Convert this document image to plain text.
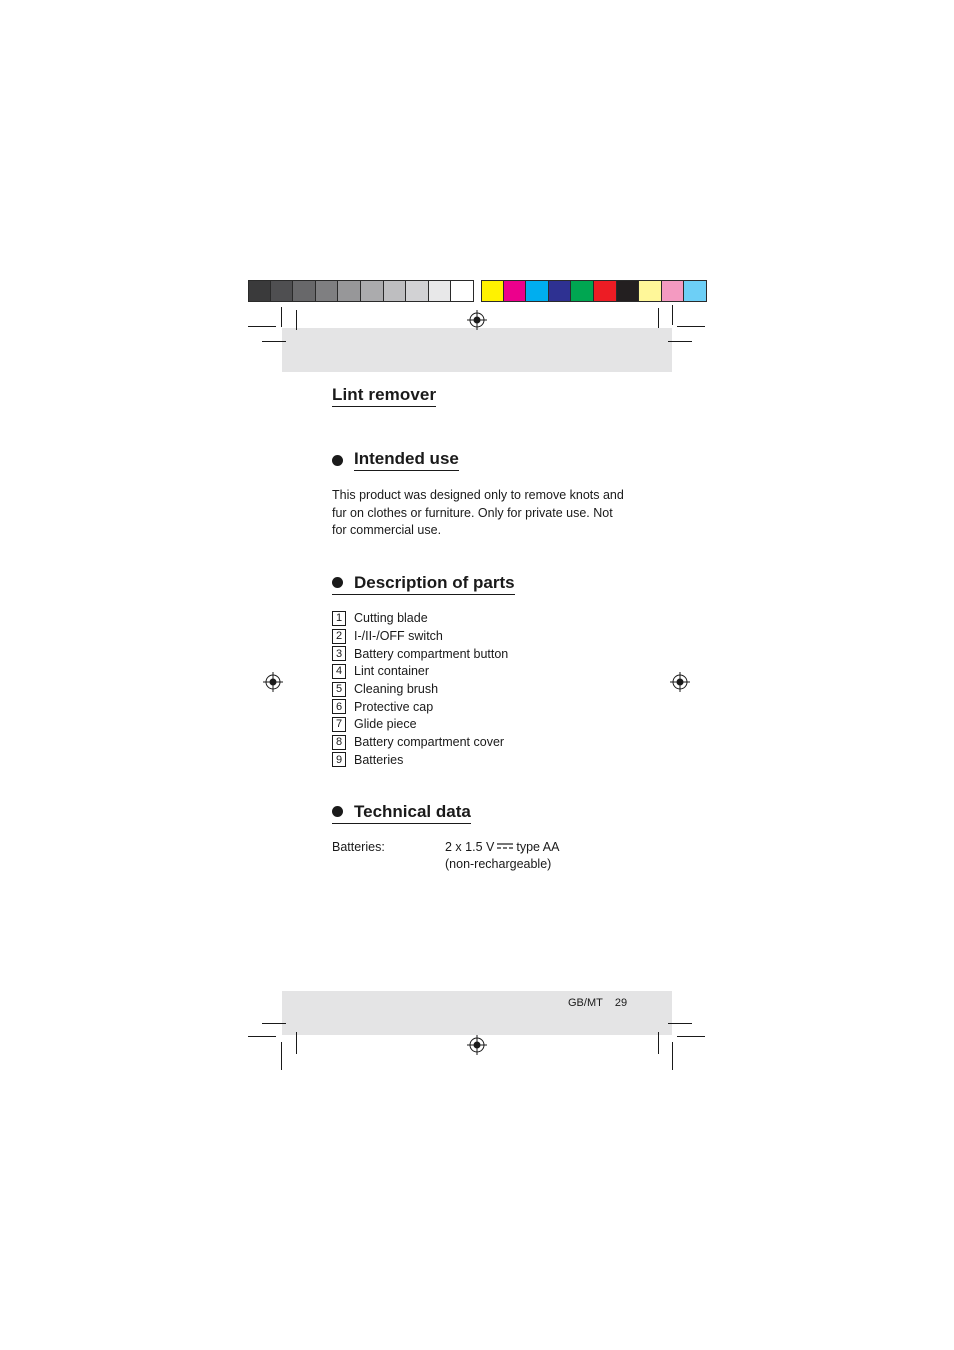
Lint remover
Intended use

This product was designed only to remove knots and fur on clothes or furniture. Only for private use. Not for commercial use.

Description of parts
1 Cutting blade
2 I-/II-/OFF switch
3 Battery compartment button
4 Lint container
5 Cleaning brush
6 Protective cap
7 Glide piece
8 Battery compartment cover
9 Batteries
Technical data
Batteries:	2 x 1.5 V type AA
(non-rechargeable)
GB/MT 29
